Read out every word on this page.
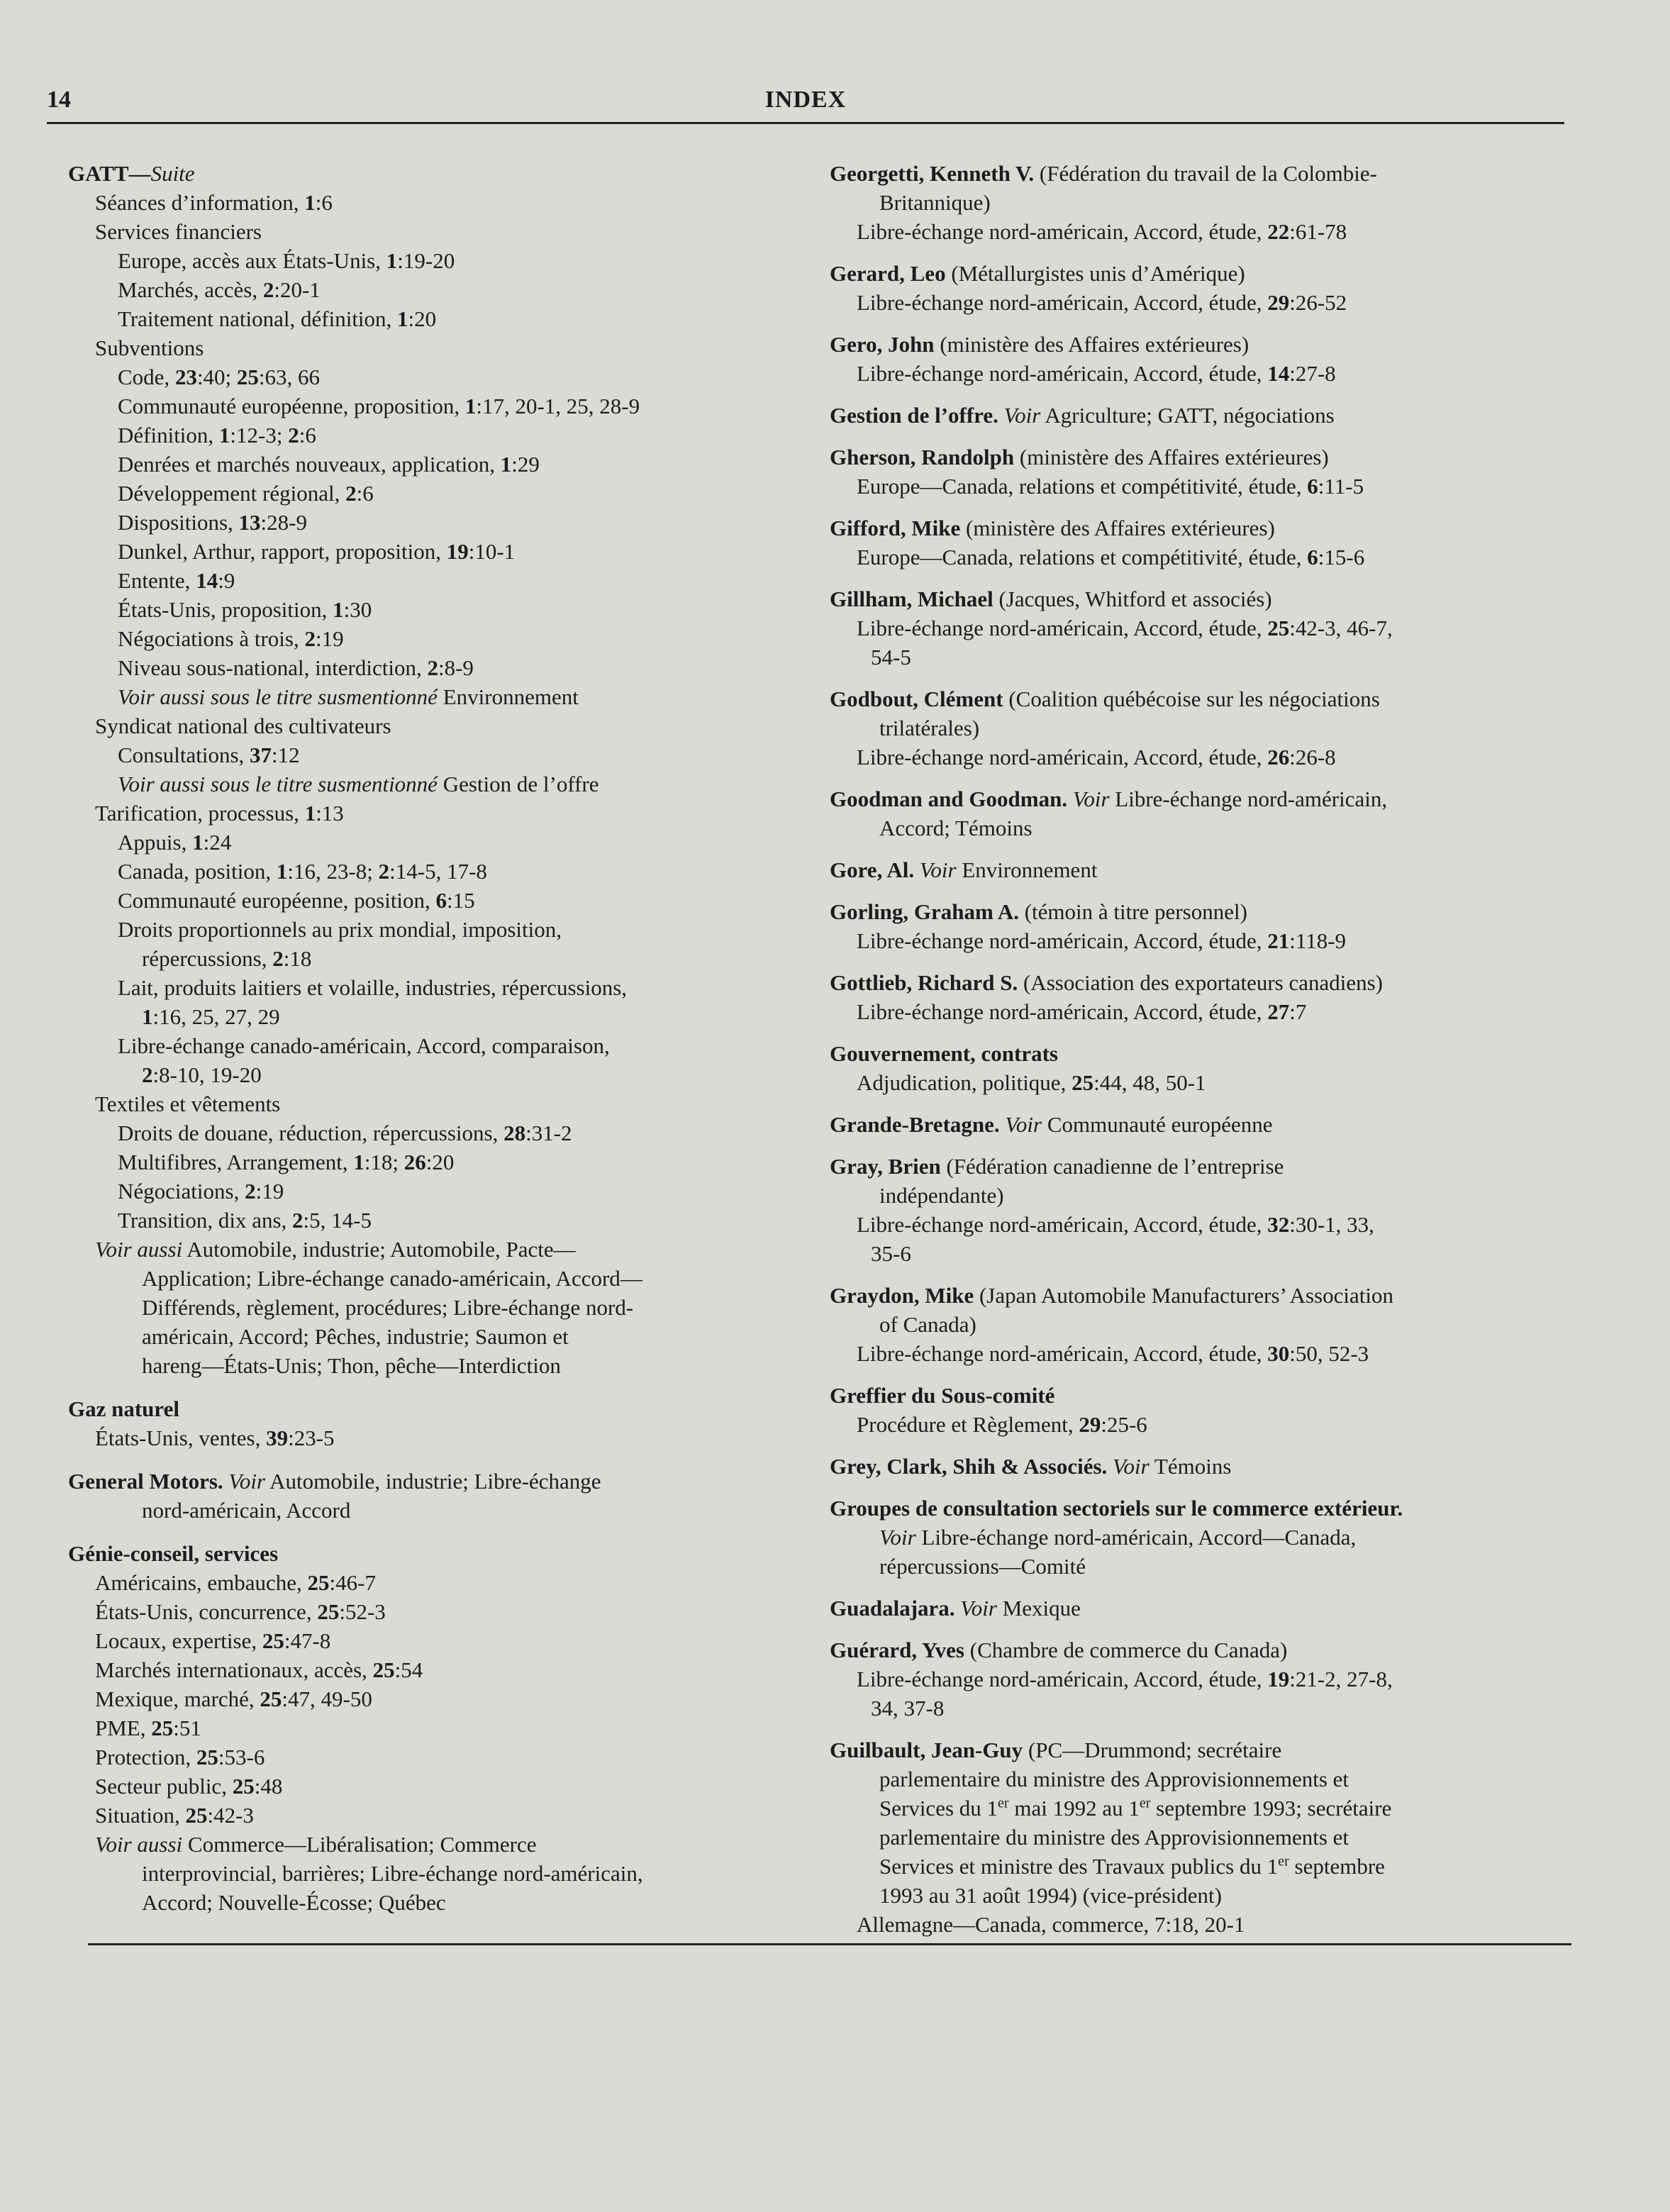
14	INDEX
GATT—Suite
Séances d’information, 1:6
Services financiers
Europe, accès aux États-Unis, 1:19-20
Marchés, accès, 2:20-1
Traitement national, définition, 1:20
Subventions
Code, 23:40; 25:63, 66
Communauté européenne, proposition, 1:17, 20-1, 25, 28-9
Définition, 1:12-3; 2:6
Denrées et marchés nouveaux, application, 1:29
Développement régional, 2:6
Dispositions, 13:28-9
Dunkel, Arthur, rapport, proposition, 19:10-1
Entente, 14:9
États-Unis, proposition, 1:30
Négociations à trois, 2:19
Niveau sous-national, interdiction, 2:8-9
Voir aussi sous le titre susmentionné Environnement
Syndicat national des cultivateurs
Consultations, 37:12
Voir aussi sous le titre susmentionné Gestion de l’offre
Tarification, processus, 1:13
Appuis, 1:24
Canada, position, 1:16, 23-8; 2:14-5, 17-8
Communauté européenne, position, 6:15
Droits proportionnels au prix mondial, imposition,
répercussions, 2:18
Lait, produits laitiers et volaille, industries, répercussions,
1:16, 25, 27, 29
Libre-échange canado-américain, Accord, comparaison,
2:8-10, 19-20
Textiles et vêtements
Droits de douane, réduction, répercussions, 28:31-2
Multifibres, Arrangement, 1:18; 26:20
Négociations, 2:19
Transition, dix ans, 2:5, 14-5
Voir aussi Automobile, industrie; Automobile, Pacte—
Application; Libre-échange canado-américain, Accord—
Différends, règlement, procédures; Libre-échange nord-
américain, Accord; Pêches, industrie; Saumon et
hareng—États-Unis; Thon, pêche—Interdiction
Gaz naturel
États-Unis, ventes, 39:23-5
General Motors. Voir Automobile, industrie; Libre-échange
nord-américain, Accord
Génie-conseil, services
Américains, embauche, 25:46-7
États-Unis, concurrence, 25:52-3
Locaux, expertise, 25:47-8
Marchés internationaux, accès, 25:54
Mexique, marché, 25:47, 49-50
PME, 25:51
Protection, 25:53-6
Secteur public, 25:48
Situation, 25:42-3
Voir aussi Commerce—Libéralisation; Commerce
interprovincial, barrières; Libre-échange nord-américain,
Accord; Nouvelle-Écosse; Québec
Georgetti, Kenneth V. (Fédération du travail de la Colombie-
Britannique)
Libre-échange nord-américain, Accord, étude, 22:61-78
Gerard, Leo (Métallurgistes unis d’Amérique)
Libre-échange nord-américain, Accord, étude, 29:26-52
Gero, John (ministère des Affaires extérieures)
Libre-échange nord-américain, Accord, étude, 14:27-8
Gestion de l’offre. Voir Agriculture; GATT, négociations
Gherson, Randolph (ministère des Affaires extérieures)
Europe—Canada, relations et compétitivité, étude, 6:11-5
Gifford, Mike (ministère des Affaires extérieures)
Europe—Canada, relations et compétitivité, étude, 6:15-6
Gillham, Michael (Jacques, Whitford et associés)
Libre-échange nord-américain, Accord, étude, 25:42-3, 46-7,
54-5
Godbout, Clément (Coalition québécoise sur les négociations
trilatérales)
Libre-échange nord-américain, Accord, étude, 26:26-8
Goodman and Goodman. Voir Libre-échange nord-américain,
Accord; Témoins
Gore, Al. Voir Environnement
Gorling, Graham A. (témoin à titre personnel)
Libre-échange nord-américain, Accord, étude, 21:118-9
Gottlieb, Richard S. (Association des exportateurs canadiens)
Libre-échange nord-américain, Accord, étude, 27:7
Gouvernement, contrats
Adjudication, politique, 25:44, 48, 50-1
Grande-Bretagne. Voir Communauté européenne
Gray, Brien (Fédération canadienne de l’entreprise
indépendante)
Libre-échange nord-américain, Accord, étude, 32:30-1, 33,
35-6
Graydon, Mike (Japan Automobile Manufacturers’ Association
of Canada)
Libre-échange nord-américain, Accord, étude, 30:50, 52-3
Greffier du Sous-comité
Procédure et Règlement, 29:25-6
Grey, Clark, Shih & Associés. Voir Témoins
Groupes de consultation sectoriels sur le commerce extérieur.
Voir Libre-échange nord-américain, Accord—Canada,
répercussions—Comité
Guadalajara. Voir Mexique
Guérard, Yves (Chambre de commerce du Canada)
Libre-échange nord-américain, Accord, étude, 19:21-2, 27-8,
34, 37-8
Guilbault, Jean-Guy (PC—Drummond; secrétaire
parlementaire du ministre des Approvisionnements et
Services du 1er mai 1992 au 1er septembre 1993; secrétaire
parlementaire du ministre des Approvisionnements et
Services et ministre des Travaux publics du 1er septembre
1993 au 31 août 1994) (vice-président)
Allemagne—Canada, commerce, 7:18, 20-1
